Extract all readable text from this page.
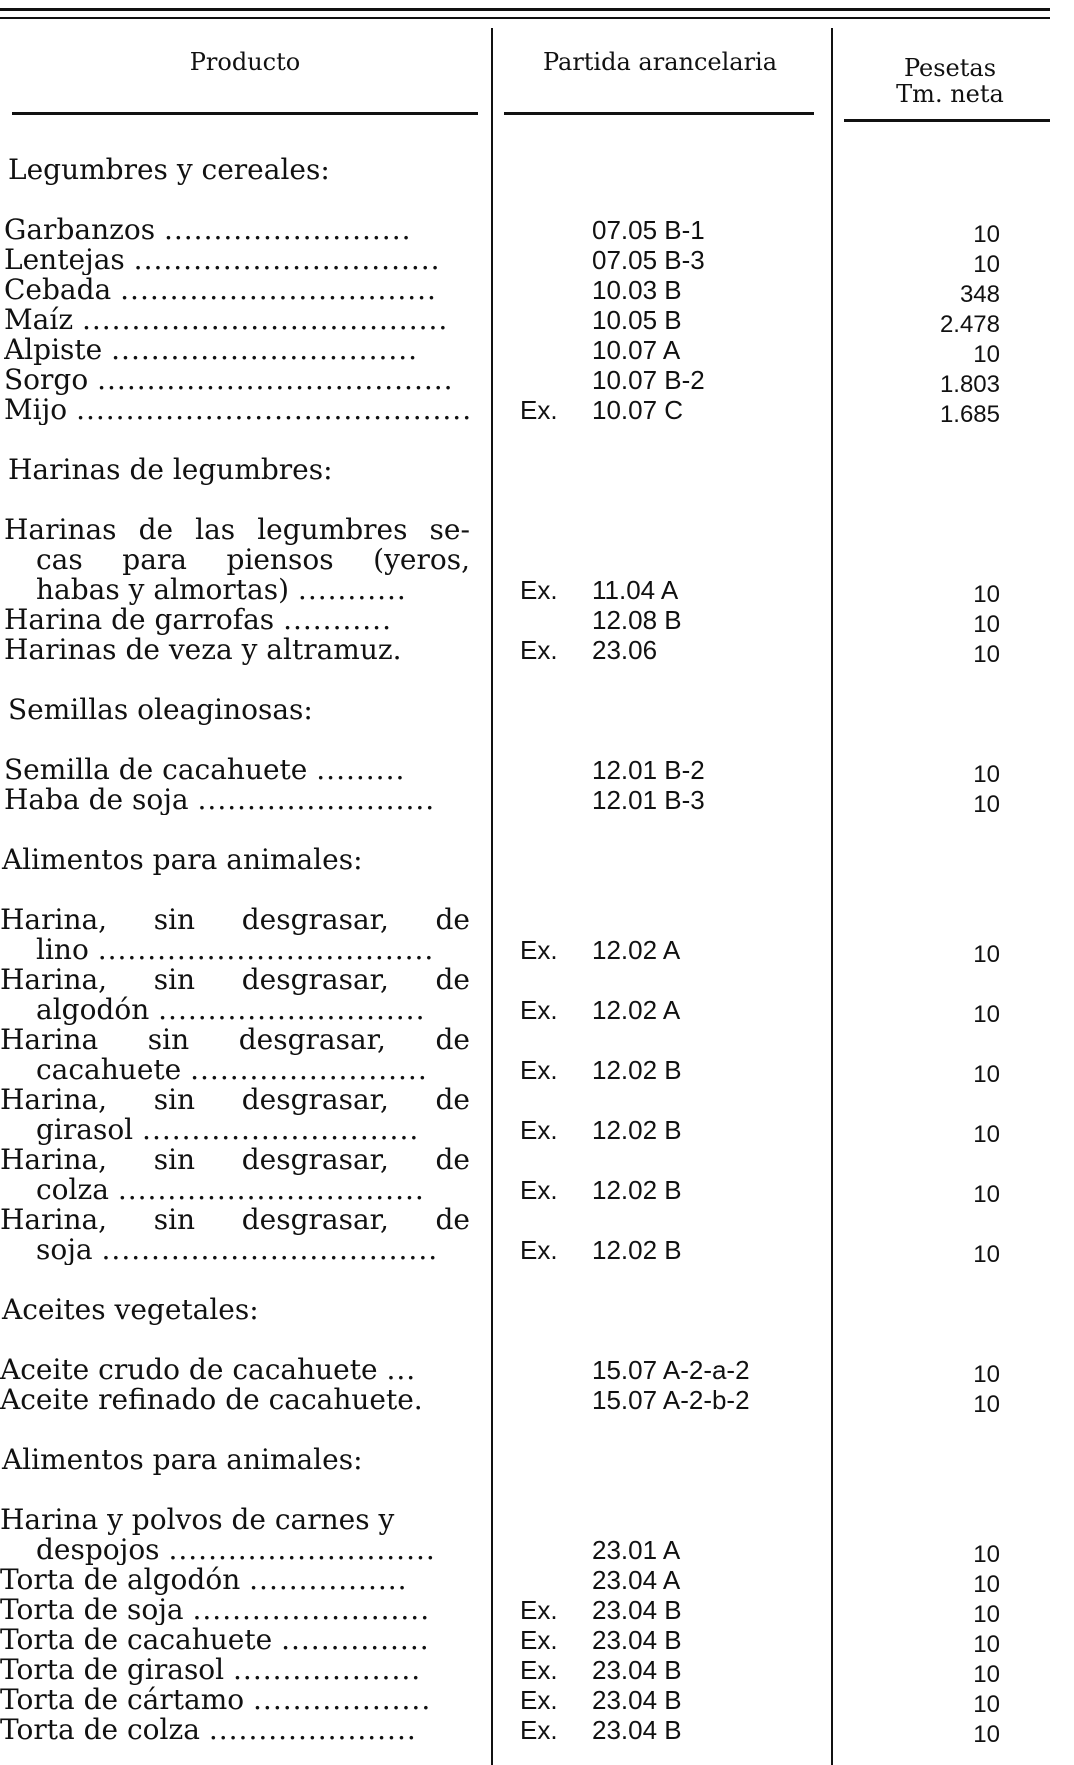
Producto	Partida arancelaria	Pesetas
Tm. neta
Legumbres y cereales:
Garbanzos .........................	07.05 B-1	10
Lentejas ...............................	07.05 B-3	10
Cebada ................................	10.03 B	348
Maíz .....................................	10.05 B	2.478
Alpiste ...............................	10.07 A	10
Sorgo ....................................	10.07 B-2	1.803
Mijo ........................................ Ex. 10.07 C	1.685
Harinas de legumbres:
Harinas de las legumbres se-
cas para piensos (yeros,
habas y almortas) ...........	Ex. 11.04 A	10
Harina de garrofas ...........	12.08 B	10
Harinas de veza y altramuz.	Ex. 23.06	10
Semillas oleaginosas:
Semilla de cacahuete .........	12.01 B-2	10
Haba de soja ........................	12.01 B-3	10
Alimentos para animales:
Harina, sin desgrasar, de
lino ..................................	Ex. 12.02 A	10
Harina, sin desgrasar, de
algodón ...........................	Ex. 12.02 A	10
Harina sin desgrasar, de
cacahuete ........................	Ex. 12.02 B	10
Harina, sin desgrasar, de
girasol ............................	Ex. 12.02 B	10
Harina, sin desgrasar, de
colza ...............................	Ex. 12.02 B	10
Harina, sin desgrasar, de
soja ..................................	Ex. 12.02 B	10
Aceites vegetales:
Aceite crudo de cacahuete ...	15.07 A-2-a-2	10
Aceite refinado de cacahuete.	15.07 A-2-b-2	10
Alimentos para animales:
Harina y polvos de carnes y
despojos ...........................	23.01 A	10
Torta de algodón ................	23.04 A	10
Torta de soja ........................	Ex. 23.04 B	10
Torta de cacahuete ...............	Ex. 23.04 B	10
Torta de girasol ...................	Ex. 23.04 B	10
Torta de cártamo ..................	Ex. 23.04 B	10
Torta de colza .....................	Ex. 23.04 B	10
